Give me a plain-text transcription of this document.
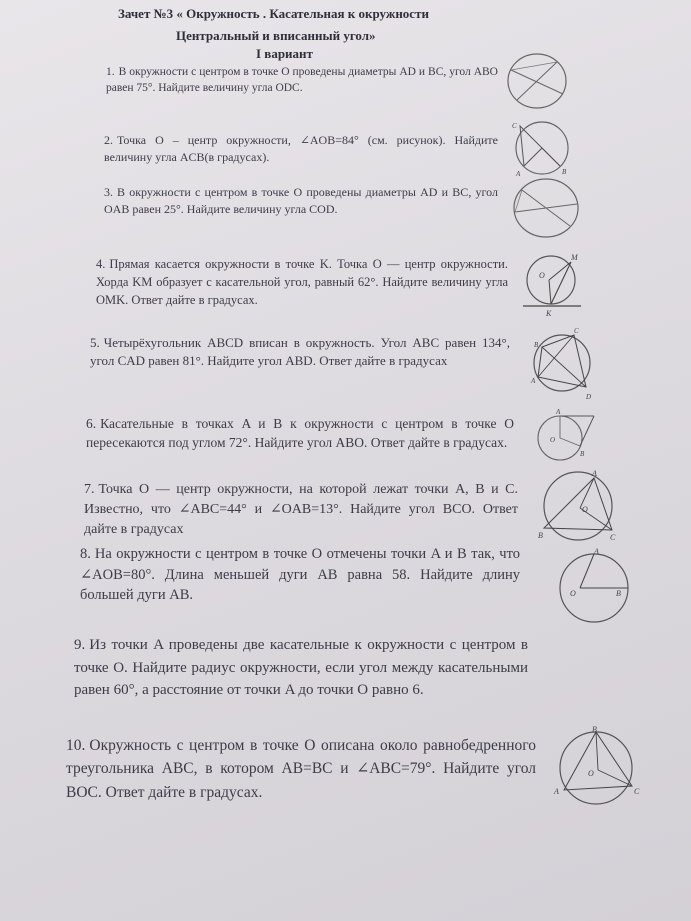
Зачет №3 « Окружность . Касательная к окружности
Центральный и вписанный угол»
I вариант
1. В окружности с центром в точке O проведены диаметры AD и BC, угол ABO равен 75°. Найдите величину угла ODC.
2. Точка O – центр окружности, ∠AOB=84° (см. рисунок). Найдите величину угла ACB(в градусах).
C
A	B
3. В окружности с центром в точке O проведены диаметры AD и BC, угол OAB равен 25°. Найдите величину угла COD.
4. Прямая касается окружности в точке K. Точка O — центр окружности. Хорда KM образует с касательной угол, равный 62°. Найдите величину угла OMK. Ответ дайте в градусах.
M
O
K
5. Четырёхугольник ABCD вписан в окружность. Угол ABC равен 134°, угол CAD равен 81°. Найдите угол ABD. Ответ дайте в градусах
C
B
A
D
6. Касательные в точках A и B к окружности с центром в точке O пересекаются под углом 72°. Найдите угол ABO. Ответ дайте в градусах.
A
O
B
7. Точка O — центр окружности, на которой лежат точки A, B и C. Известно, что ∠ABC=44° и ∠OAB=13°. Найдите угол BCO. Ответ дайте в градусах
A
O
B	C
8. На окружности с центром в точке O отмечены точки A и B так, что ∠AOB=80°. Длина меньшей дуги AB равна 58. Найдите длину большей дуги AB.
A
O	B
9. Из точки A проведены две касательные к окружности с центром в точке O. Найдите радиус окружности, если угол между касательными равен 60°, а расстояние от точки A до точки O равно 6.
10. Окружность с центром в точке O описана около равнобедренного треугольника ABC, в котором AB=BC и ∠ABC=79°. Найдите угол BOC. Ответ дайте в градусах.
B
O
A	C
